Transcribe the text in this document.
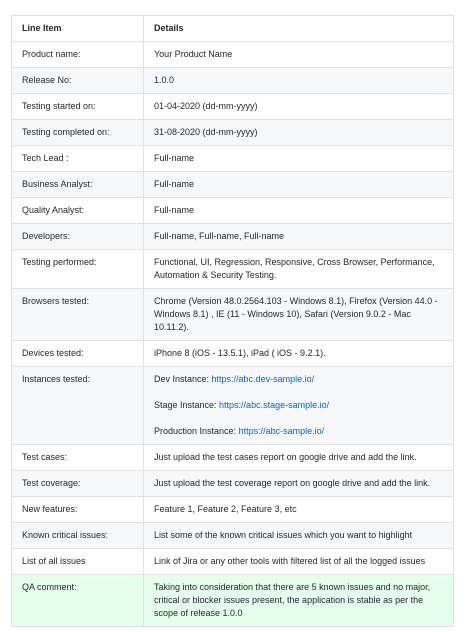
Line Item	Details
Product name:	Your Product Name
Release No:	1.0.0
Testing started on:	01-04-2020 (dd-mm-yyyy)
Testing completed on:	31-08-2020 (dd-mm-yyyy)
Tech Lead :	Full-name
Business Analyst:	Full-name
Quality Analyst:	Full-name
Developers:	Full-name, Full-name, Full-name
Testing performed:	Functional, UI, Regression, Responsive, Cross Browser, Performance, Automation & Security Testing.
Browsers tested:	Chrome (Version 48.0.2564.103 - Windows 8.1), Firefox (Version 44.0 - Windows 8.1) , IE (11 - Windows 10), Safari (Version 9.0.2 - Mac 10.11.2).
Devices tested:	iPhone 8 (iOS - 13.5.1), iPad ( iOS - 9.2.1).
Instances tested:	Dev Instance: https://abc.dev-sample.io/
Stage Instance: https://abc.stage-sample.io/
Production Instance: https://abc-sample.io/

Test cases:	Just upload the test cases report on google drive and add the link.
Test coverage:	Just upload the test coverage report on google drive and add the link.
New features:	Feature 1, Feature 2, Feature 3, etc
Known critical issues:	List some of the known critical issues which you want to highlight
List of all issues	Link of Jira or any other tools with filtered list of all the logged issues
QA comment:	Taking into consideration that there are 5 known issues and no major, critical or blocker issues present, the application is stable as per the scope of release 1.0.0
